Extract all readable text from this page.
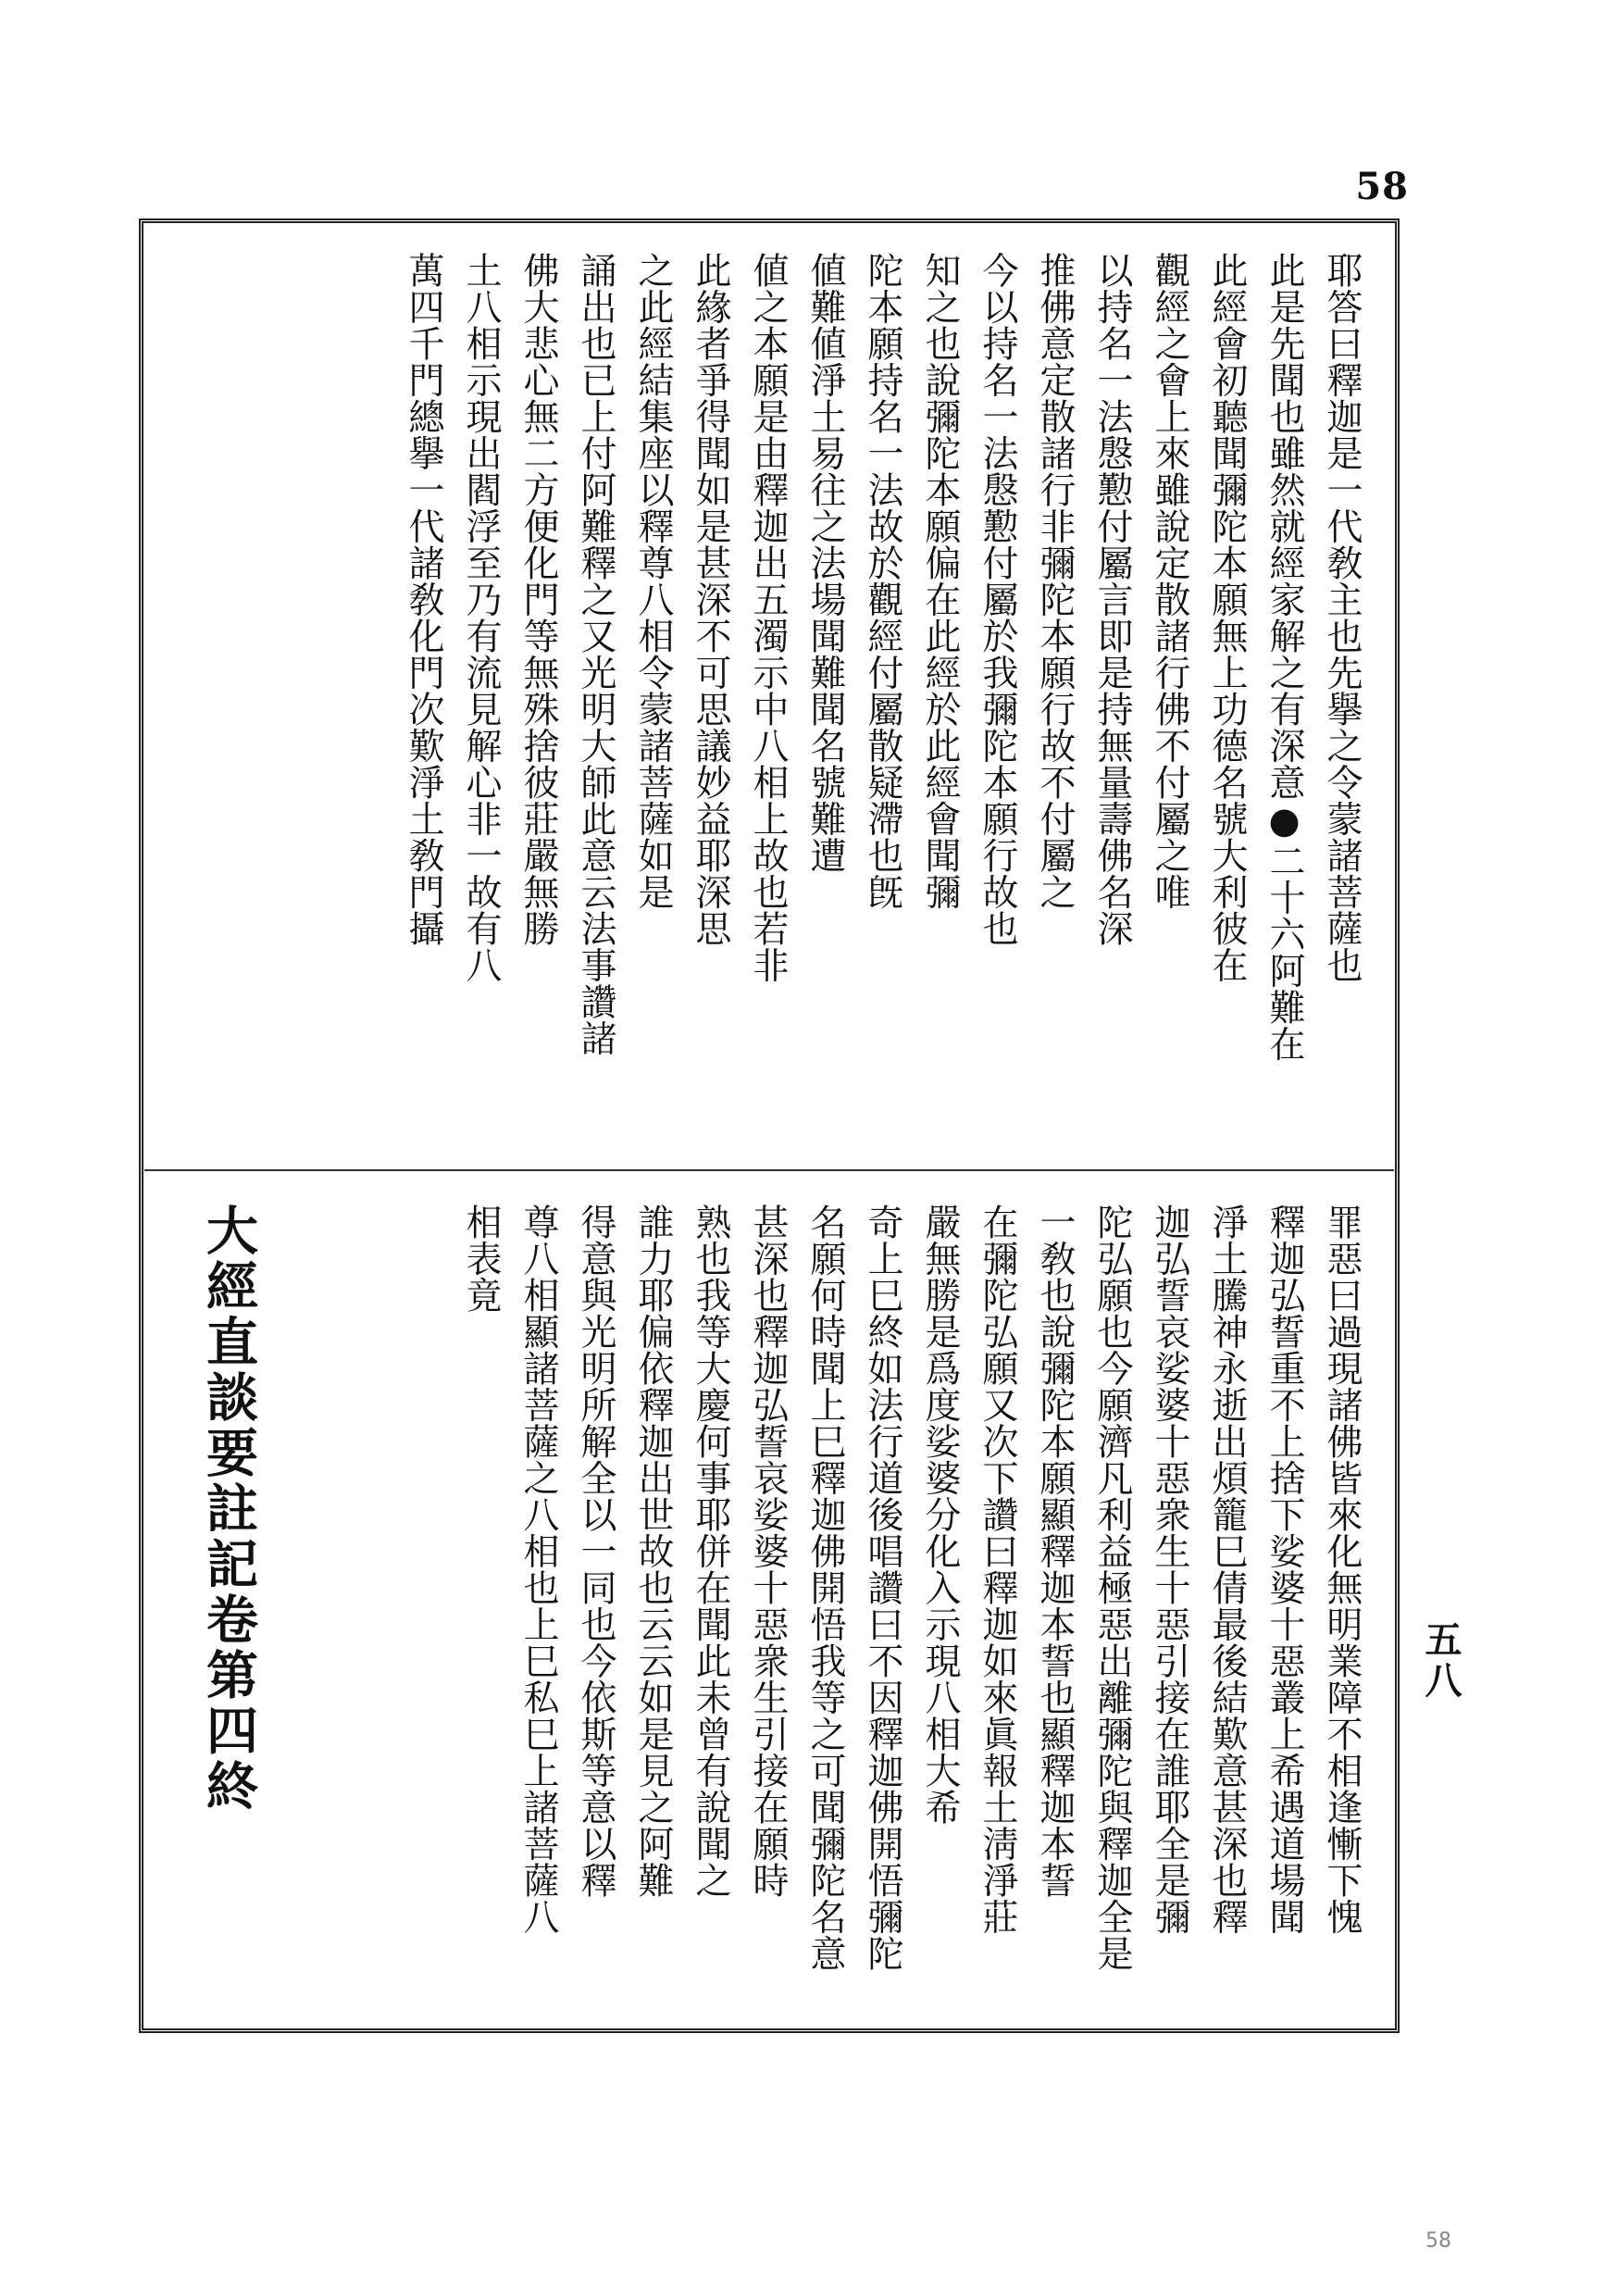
58
耶答曰釋迦是一代敎主也先擧之令蒙諸菩薩也
此是先聞也雖然就經家解之有深意●二十六阿難在
此經會初聽聞彌陀本願無上功德名號大利彼在
觀經之會上來雖說定散諸行佛不付屬之唯
以持名一法慇懃付屬言即是持無量壽佛名深
推佛意定散諸行非彌陀本願行故不付屬之
今以持名一法慇懃付屬於我彌陀本願行故也
知之也說彌陀本願偏在此經於此經會聞彌
陀本願持名一法故於觀經付屬散疑滯也旣
値難値淨土易往之法場聞難聞名號難遭
値之本願是由釋迦出五濁示中八相上故也若非
此緣者爭得聞如是甚深不可思議妙益耶深思
之此經結集座以釋尊八相令蒙諸菩薩如是
誦出也已上付阿難釋之又光明大師此意云法事讚諸
佛大悲心無二方便化門等無殊捨彼莊嚴無勝
土八相示現出閻浮至乃有流見解心非一故有八
萬四千門總擧一代諸敎化門次歎淨土敎門攝
罪惡曰過現諸佛皆來化無明業障不相逢慚下愧
釋迦弘誓重不上捨下娑婆十惡叢上希遇道場聞
淨土騰神永逝出煩籠巳倩最後結歎意甚深也釋
迦弘誓哀娑婆十惡衆生十惡引接在誰耶全是彌
陀弘願也今願濟凡利益極惡出離彌陀與釋迦全是
一敎也說彌陀本願顯釋迦本誓也顯釋迦本誓
在彌陀弘願又次下讚曰釋迦如來眞報土淸淨莊
嚴無勝是爲度娑婆分化入示現八相大希
奇上巳終如法行道後唱讚曰不因釋迦佛開悟彌陀
名願何時聞上巳釋迦佛開悟我等之可聞彌陀名意
甚深也釋迦弘誓哀娑婆十惡衆生引接在願時
熟也我等大慶何事耶併在聞此未曾有說聞之
誰力耶偏依釋迦出世故也云云如是見之阿難
得意與光明所解全以一同也今依斯等意以釋
尊八相顯諸菩薩之八相也上巳私巳上諸菩薩八
相表竟
大經直談要註記卷第四終	五八
58
